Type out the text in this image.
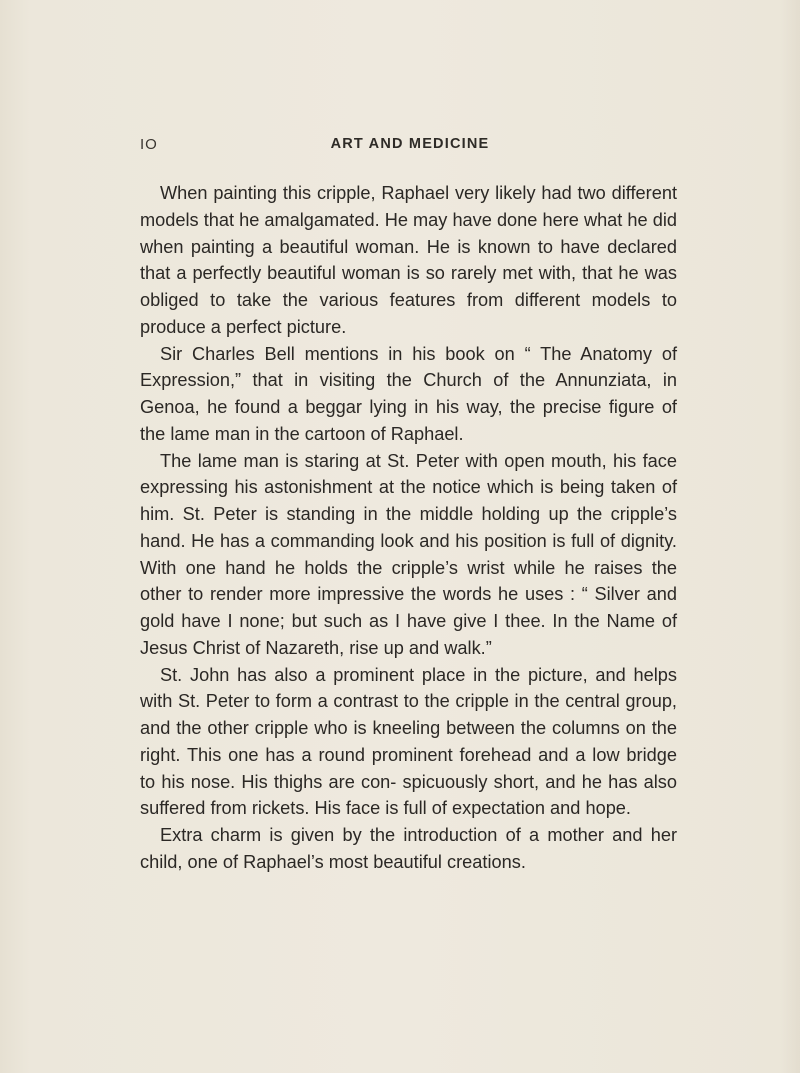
IO	ART AND MEDICINE

When painting this cripple, Raphael very likely had two different models that he amalgamated. He may have done here what he did when painting a beautiful woman. He is known to have declared that a perfectly beautiful woman is so rarely met with, that he was obliged to take the various features from different models to produce a perfect picture.

Sir Charles Bell mentions in his book on “ The Anatomy of Expression,” that in visiting the Church of the Annunziata, in Genoa, he found a beggar lying in his way, the precise figure of the lame man in the cartoon of Raphael.

The lame man is staring at St. Peter with open mouth, his face expressing his astonishment at the notice which is being taken of him. St. Peter is standing in the middle holding up the cripple’s hand. He has a commanding look and his position is full of dignity. With one hand he holds the cripple’s wrist while he raises the other to render more impressive the words he uses : “ Silver and gold have I none; but such as I have give I thee. In the Name of Jesus Christ of Nazareth, rise up and walk.”

St. John has also a prominent place in the picture, and helps with St. Peter to form a contrast to the cripple in the central group, and the other cripple who is kneeling between the columns on the right. This one has a round prominent forehead and a low bridge to his nose. His thighs are con- spicuously short, and he has also suffered from rickets. His face is full of expectation and hope.

Extra charm is given by the introduction of a mother and her child, one of Raphael’s most beautiful creations.
